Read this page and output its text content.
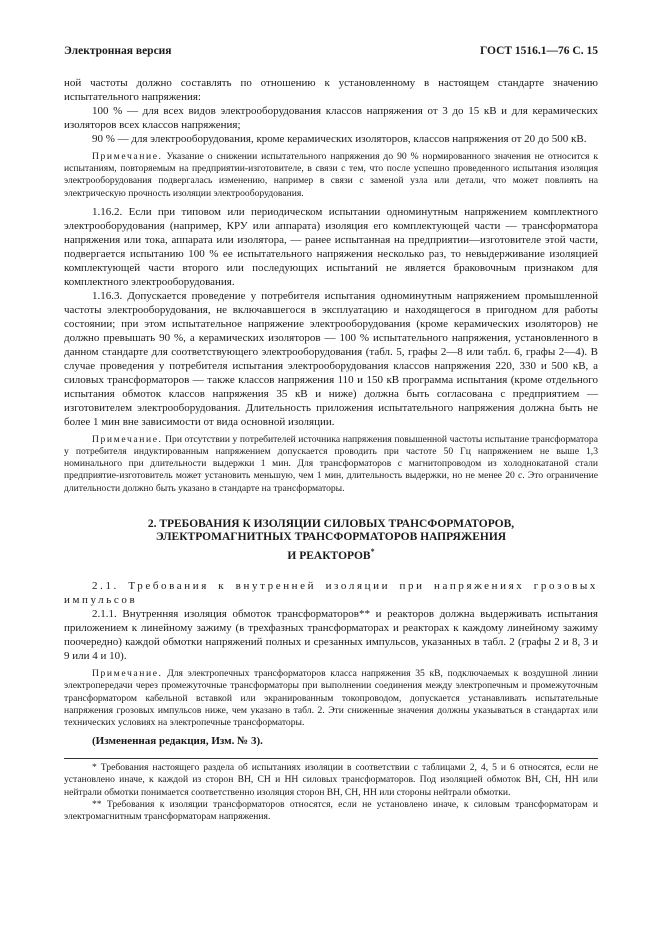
Электронная версия	ГОСТ 1516.1—76 С. 15

ной частоты должно составлять по отношению к установленному в настоящем стандарте значению испытательного напряжения:

100 % — для всех видов электрооборудования классов напряжения от 3 до 15 кВ и для керамических изоляторов всех классов напряжения;

90 % — для электрооборудования, кроме керамических изоляторов, классов напряжения от 20 до 500 кВ.

Примечание. Указание о снижении испытательного напряжения до 90 % нормированного значения не относится к испытаниям, повторяемым на предприятии-изготовителе, в связи с тем, что после успешно проведенного испытания изоляция электрооборудования подвергалась изменению, например в связи с заменой узла или детали, что может повлиять на электрическую прочность изоляции электрооборудования.

1.16.2. Если при типовом или периодическом испытании одноминутным напряжением комплектного электрооборудования (например, КРУ или аппарата) изоляция его комплектующей части — трансформатора напряжения или тока, аппарата или изолятора, — ранее испытанная на предприятии—изготовителе этой части, подвергается испытанию 100 % ее испытательного напряжения несколько раз, то невыдерживание изоляцией комплектующей части второго или последующих испытаний не является браковочным признаком для комплектного электрооборудования.

1.16.3. Допускается проведение у потребителя испытания одноминутным напряжением промышленной частоты электрооборудования, не включавшегося в эксплуатацию и находящегося в пригодном для работы состоянии; при этом испытательное напряжение электрооборудования (кроме керамических изоляторов) не должно превышать 90 %, а керамических изоляторов — 100 % испытательного напряжения, установленного в данном стандарте для соответствующего электрооборудования (табл. 5, графы 2—8 или табл. 6, графы 2—4). В случае проведения у потребителя испытания электрооборудования классов напряжения 220, 330 и 500 кВ, а силовых трансформаторов — также классов напряжения 110 и 150 кВ программа испытания (кроме отдельного испытания обмоток классов напряжения 35 кВ и ниже) должна быть согласована с предприятием — изготовителем электрооборудования. Длительность приложения испытательного напряжения должна быть не более 1 мин вне зависимости от вида основной изоляции.

Примечание. При отсутствии у потребителей источника напряжения повышенной частоты испытание трансформатора у потребителя индуктированным напряжением допускается проводить при частоте 50 Гц напряжением не выше 1,3 номинального при длительности выдержки 1 мин. Для трансформаторов с магнитопроводом из холоднокатаной стали предприятие-изготовитель может установить меньшую, чем 1 мин, длительность выдержки, но не менее 20 с. Это ограничение длительности должно быть указано в стандарте на трансформаторы.

2. ТРЕБОВАНИЯ К ИЗОЛЯЦИИ СИЛОВЫХ ТРАНСФОРМАТОРОВ,
ЭЛЕКТРОМАГНИТНЫХ ТРАНСФОРМАТОРОВ НАПРЯЖЕНИЯ
И РЕАКТОРОВ*

2.1. Требования к внутренней изоляции при напряжениях грозовых импульсов

2.1.1. Внутренняя изоляция обмоток трансформаторов** и реакторов должна выдерживать испытания приложением к линейному зажиму (в трехфазных трансформаторах и реакторах к каждому линейному зажиму поочередно) каждой обмотки напряжений полных и срезанных импульсов, указанных в табл. 2 (графы 2 и 8, 3 и 9 или 4 и 10).

Примечание. Для электропечных трансформаторов класса напряжения 35 кВ, подключаемых к воздушной линии электропередачи через промежуточные трансформаторы при выполнении соединения между электропечным и промежуточным трансформатором кабельной вставкой или экранированным токопроводом, допускается устанавливать испытательные напряжения грозовых импульсов ниже, чем указано в табл. 2. Эти сниженные значения должны указываться в стандартах или технических условиях на электропечные трансформаторы.

(Измененная редакция, Изм. № 3).

* Требования настоящего раздела об испытаниях изоляции в соответствии с таблицами 2, 4, 5 и 6 относятся, если не установлено иначе, к каждой из сторон ВН, СН и НН силовых трансформаторов. Под изоляцией обмоток ВН, СН, НН или нейтрали обмотки понимается соответственно изоляция сторон ВН, СН, НН или стороны нейтрали обмотки.

** Требования к изоляции трансформаторов относятся, если не установлено иначе, к силовым трансформаторам и электромагнитным трансформаторам напряжения.
